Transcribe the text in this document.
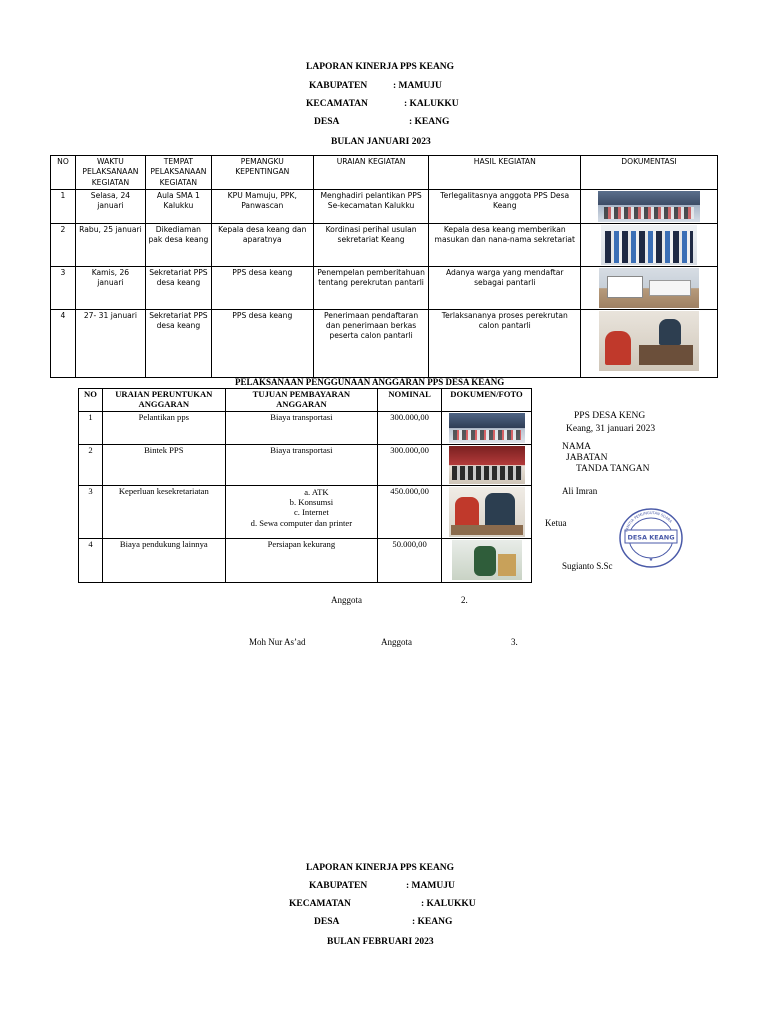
LAPORAN KINERJA PPS KEANG
KABUPATEN	: MAMUJU
KECAMATAN	: KALUKKU
DESA	: KEANG
BULAN JANUARI 2023
NO	WAKTU PELAKSANAAN KEGIATAN	TEMPAT PELAKSANAAN KEGIATAN	PEMANGKU KEPENTINGAN	URAIAN KEGIATAN	HASIL KEGIATAN	DOKUMENTASI
1	Selasa, 24 januari	Aula SMA 1 Kalukku	KPU Mamuju, PPK, Panwascan	Menghadiri pelantikan PPS Se-kecamatan Kalukku	Terlegalitasnya anggota PPS Desa Keang	

2	Rabu, 25 januari	Dikediaman pak desa keang	Kepala desa keang dan aparatnya	Kordinasi perihal usulan sekretariat Keang	Kepala desa keang memberikan masukan dan nana-nama sekretariat	

3	Kamis, 26 januari	Sekretariat PPS desa keang	PPS desa keang	Penempelan pemberitahuan tentang perekrutan pantarli	Adanya warga yang mendaftar sebagai pantarli	

4	27- 31 januari	Sekretariat PPS desa keang	PPS desa keang	Penerimaan pendaftaran dan penerimaan berkas peserta calon pantarli	Terlaksananya proses perekrutan calon pantarli	
PELAKSANAAN PENGGUNAAN ANGGARAN PPS DESA KEANG
NO	URAIAN PERUNTUKAN ANGGARAN	TUJUAN PEMBAYARAN ANGGARAN	NOMINAL	DOKUMEN/FOTO
1	Pelantikan pps	Biaya transportasi	300.000,00	

2	Bintek PPS	Biaya transportasi	300.000,00	

3	Keperluan kesekretariatan	a. ATK
b. Konsumsi
c. Internet
d. Sewa computer dan printer	450.000,00	

4	Biaya pendukung lainnya	Persiapan kekurang	50.000,00	
PPS DESA KENG
Keang, 31 januari 2023
NAMA
JABATAN
TANDA TANGAN
Ali Imran
Ketua
DESA KEANG
PANITIA PEMUNGUTAN SUARA
★
Sugianto S.Sc
Anggota	2.
Moh Nur As’ad	Anggota	3.
LAPORAN KINERJA PPS KEANG
KABUPATEN	: MAMUJU
KECAMATAN	: KALUKKU
DESA	: KEANG
BULAN FEBRUARI 2023
